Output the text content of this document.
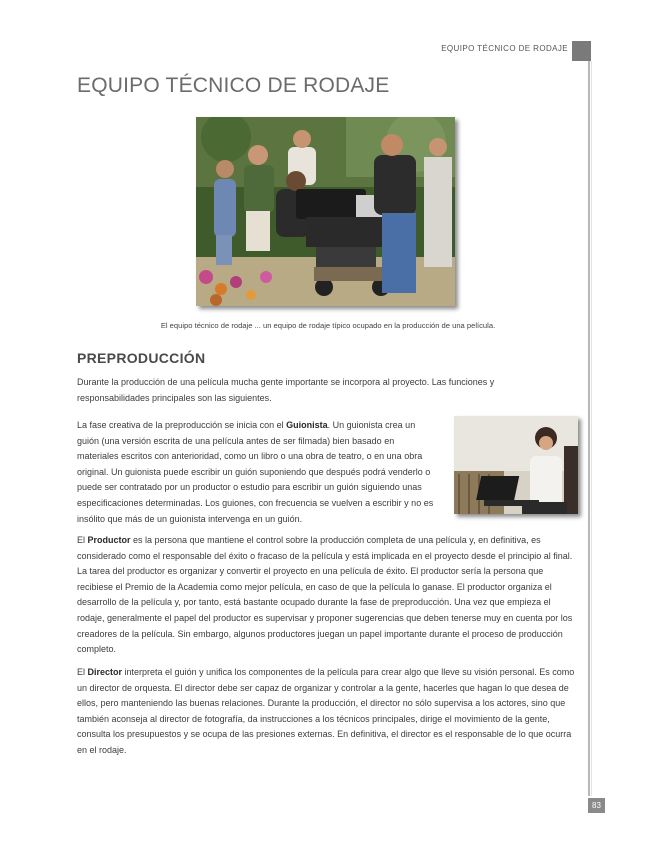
EQUIPO TÉCNICO DE RODAJE
EQUIPO TÉCNICO DE RODAJE
El equipo técnico de rodaje ... un equipo de rodaje típico ocupado en la producción de una película.
PREPRODUCCIÓN

Durante la producción de una película mucha gente importante se incorpora al proyecto. Las funciones y responsabilidades principales son las siguientes.

La fase creativa de la preproducción se inicia con el Guionista. Un guionista crea un guión (una versión escrita de una película antes de ser filmada) bien basado en materiales escritos con anterioridad, como un libro o una obra de teatro, o en una obra original. Un guionista puede escribir un guión suponiendo que después podrá venderlo o puede ser contratado por un productor o estudio para escribir un guión siguiendo unas especificaciones determinadas. Los guiones, con frecuencia se vuelven a escribir y no es insólito que más de un guionista intervenga en un guión.

El Productor es la persona que mantiene el control sobre la producción completa de una película y, en definitiva, es considerado como el responsable del éxito o fracaso de la película y está implicada en el proyecto desde el principio al final. La tarea del productor es organizar y convertir el proyecto en una película de éxito. El productor sería la persona que recibiese el Premio de la Academia como mejor película, en caso de que la película lo ganase. El productor organiza el desarrollo de la película y, por tanto, está bastante ocupado durante la fase de preproducción. Una vez que empieza el rodaje, generalmente el papel del productor es supervisar y proponer sugerencias que deben tenerse muy en cuenta por los creadores de la película. Sin embargo, algunos productores juegan un papel importante durante el proceso de producción completo.

El Director interpreta el guión y unifica los componentes de la película para crear algo que lleve su visión personal. Es como un director de orquesta. El director debe ser capaz de organizar y controlar a la gente, hacerles que hagan lo que desea de ellos, pero manteniendo las buenas relaciones. Durante la producción, el director no sólo supervisa a los actores, sino que también aconseja al director de fotografía, da instrucciones a los técnicos principales, dirige el movimiento de la gente, consulta los presupuestos y se ocupa de las presiones externas. En definitiva, el director es el responsable de lo que ocurra en el rodaje.

83
